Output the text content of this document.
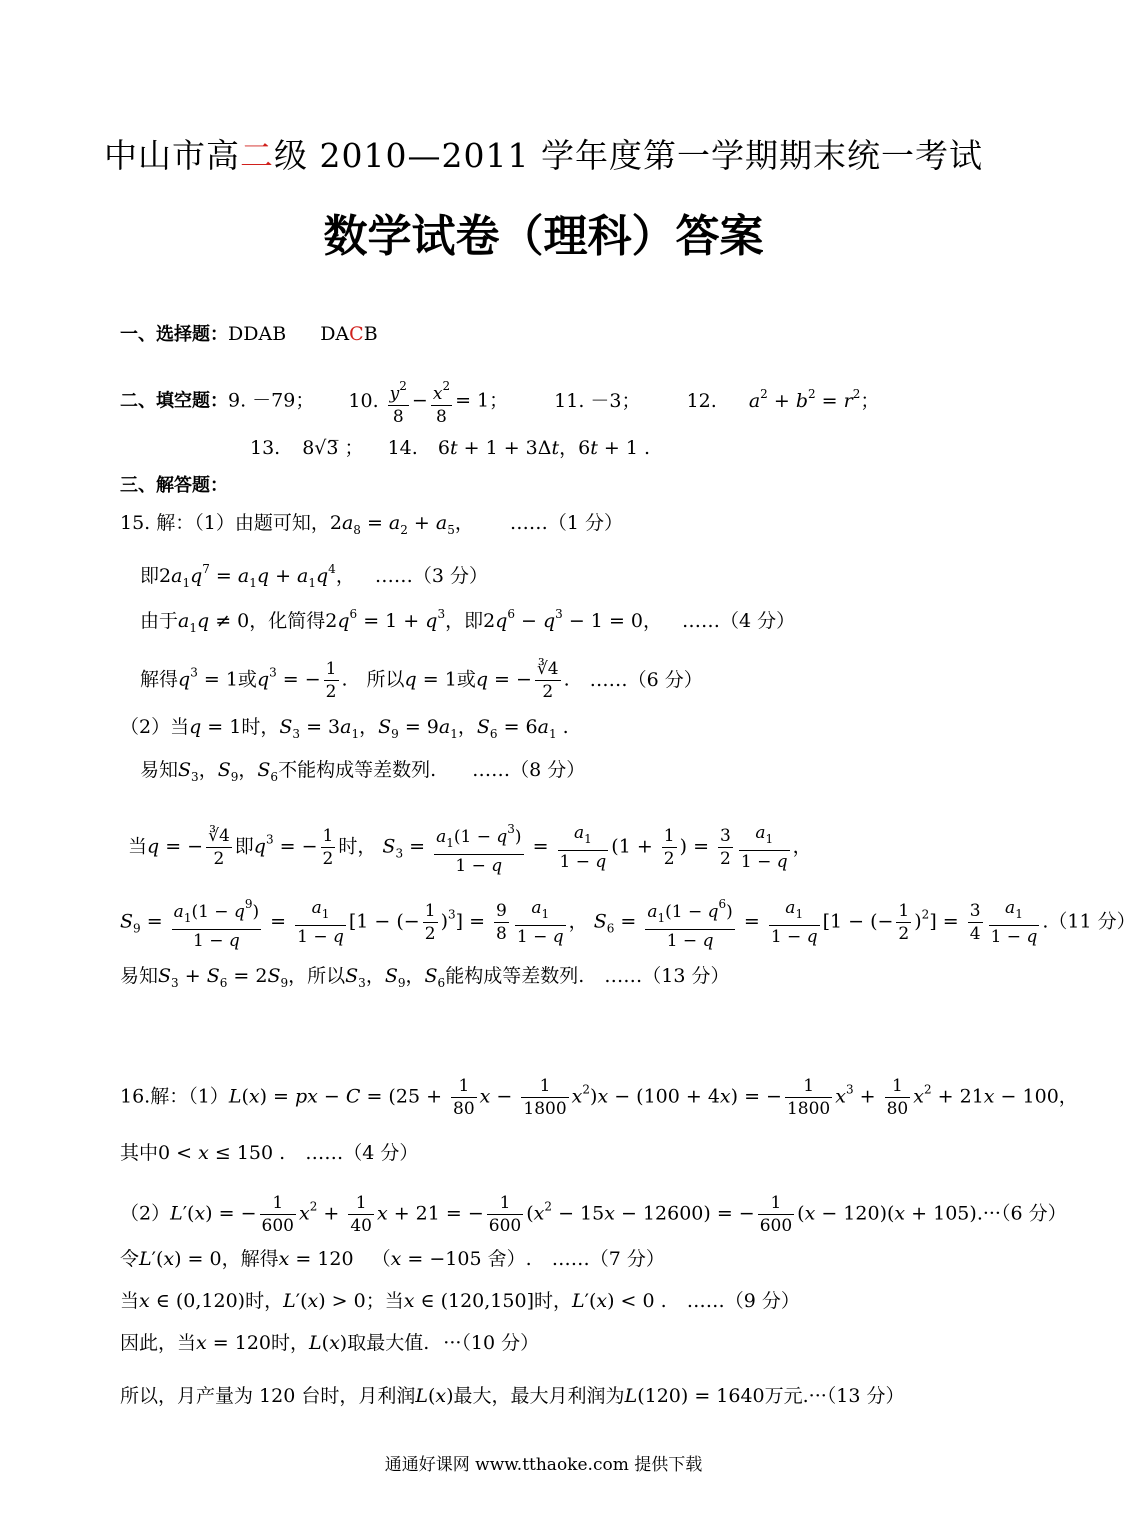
中山市高二级 2010—2011 学年度第一学期期末统一考试
数学试卷（理科）答案
一、选择题：DDAB DACB
二、填空题：9. －79； 10. $\frac{y^2}{8} - \frac{x^2}{8} = 1$； 11. －3； 12. $a^2 + b^2 = r^2$；
13. 8√3̅ ； 14. 6t + 1 + 3Δt，6t + 1 .
三、解答题：
15. 解：（1）由题可知，$2a_8 = a_2 + a_5$， ……（1 分）
即$2a_1q^7 = a_1q + a_1q^4$， ……（3 分）
由于$a_1q \ne 0$，化简得$2q^6 = 1 + q^3$，即$2q^6 - q^3 - 1 = 0$， ……（4 分）
解得$q^3 = 1$或$q^3$ = − $\frac{1}{2}$ .　所以q = 1或q = − $\frac{∛4}{2}$ . ……（6 分）
（2）当q = 1时，$S_3 = 3a_1$，$S_9 = 9a_1$，$S_6 = 6a_1$ .
易知$S_3$，$S_9$，$S_6$不能构成等差数列. ……（8 分）
当q = − $\frac{∛4}{2}$ 即$q^3$ = − $\frac{1}{2}$ 时， $S_3 = \frac{a_1(1 - q^3)}{1 - q} = \frac{a_1}{1 - q} (1 + \frac{1}{2}$ ) = $\frac{3}{2} \frac{a_1}{1 - q}$ ，
$S_9 = \frac{a_1(1 - q^9)}{1 - q} = \frac{a_1}{1 - q} [1$ − (− $\frac{1}{2} )^3] = \frac{9}{8} \frac{a_1}{1 - q}$ ， $S_6 = \frac{a_1(1 - q^6)}{1 - q} = \frac{a_1}{1 - q} [1$ − (− $\frac{1}{2} )^2] = \frac{3}{4} \frac{a_1}{1 - q} .(11$ 分）
易知$S_3 + S_6 = 2S_9$，所以$S_3$，$S_9$，$S_6$能构成等差数列. ……（13 分）
16.解：（1）L(x) = px − $C = (25 + \frac{1}{80}$ $x - \frac{1}{1800} x^2)x - (100 + 4x)$ = − $\frac{1}{1800} x^3 + \frac{1}{80} x^2 + 21x - 100$，
其中0 < x ≤ 150 . ……（4 分）
（2）L′(x) = − $\frac{1}{600} x^2 + \frac{1}{40}$ x + 21 = − $\frac{1}{600} (x^2 - 15x - 12600)$ = − $\frac{1}{600} (x - 120)(x + 105).\cdot\cdot\cdot(6$ 分）
令L′(x) = 0，解得x = 120 （x = −105 舍）. ……（7 分）
当x ∈ (0,120)时，L′(x) > 0；当x ∈ (120,150]时，L′(x) < 0 . ……（9 分）
因此，当x = 120时，L(x)取最大值. ···（10 分）
所以，月产量为 120 台时，月利润L(x)最大，最大月利润为L(120) = 1640万元.···（13 分）
通通好课网 www.tthaoke.com 提供下载
